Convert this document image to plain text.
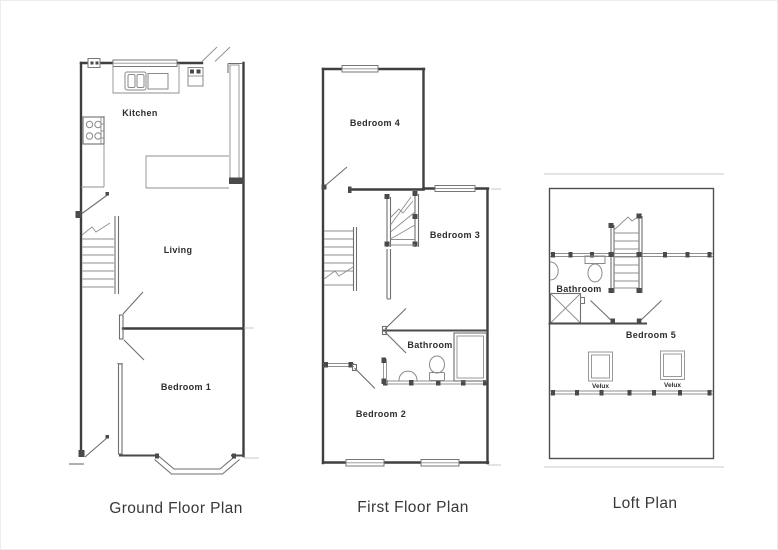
Kitchen
Living
Bedroom 1
Ground Floor Plan
Bedroom 4
Bedroom 3
Bathroom
Bedroom 2
First Floor Plan
Bathroom
Bedroom 5
Velux	Velux
Loft Plan
